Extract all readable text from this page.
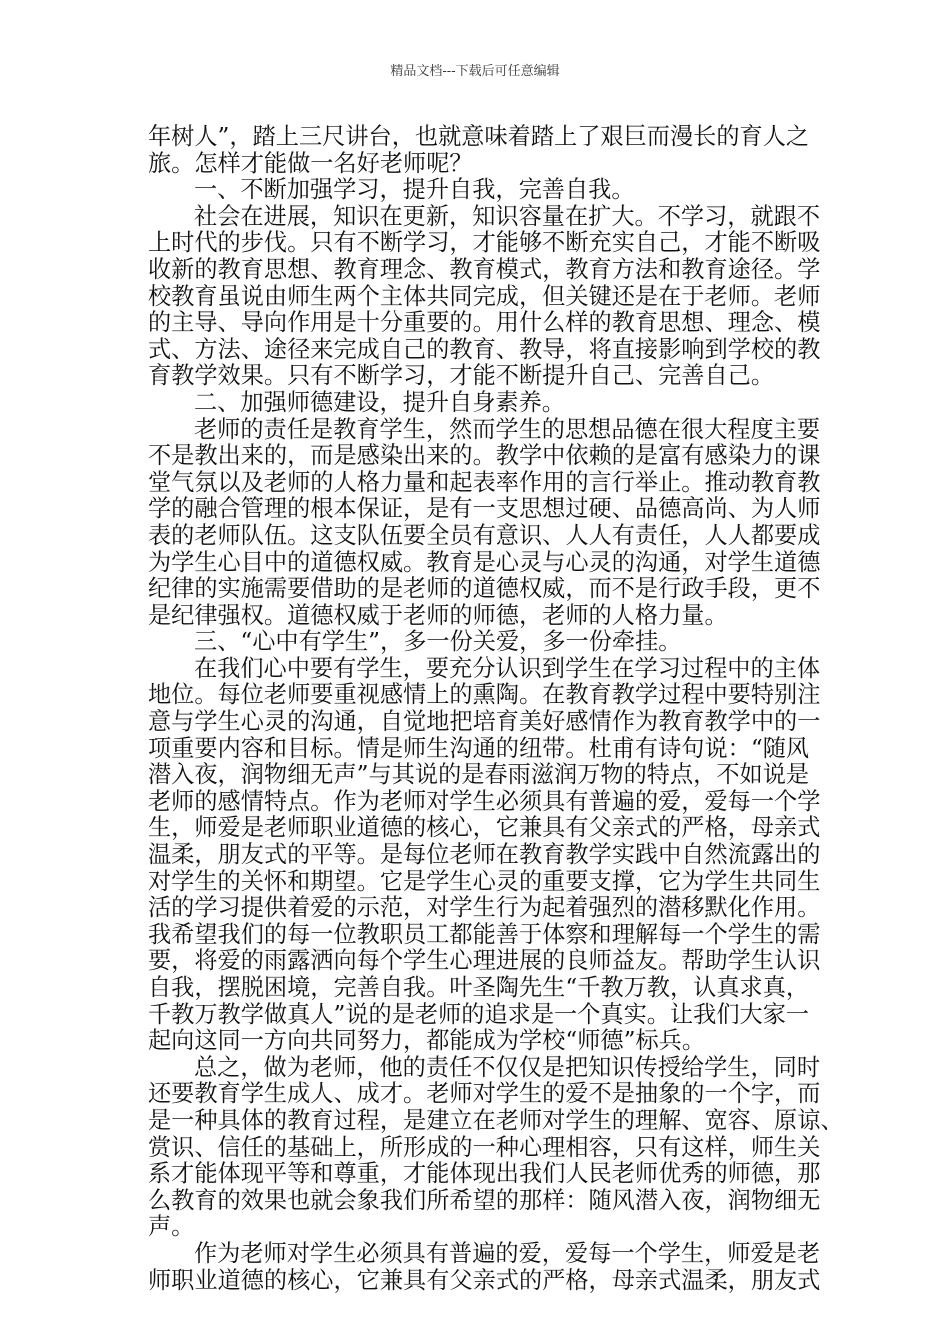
精品文档---下载后可任意编辑
年树人”，踏上三尺讲台，也就意味着踏上了艰巨而漫长的育人之
旅。怎样才能做一名好老师呢？
一、不断加强学习，提升自我，完善自我。
社会在进展，知识在更新，知识容量在扩大。不学习，就跟不
上时代的步伐。只有不断学习，才能够不断充实自己，才能不断吸
收新的教育思想、教育理念、教育模式，教育方法和教育途径。学
校教育虽说由师生两个主体共同完成，但关键还是在于老师。老师
的主导、导向作用是十分重要的。用什么样的教育思想、理念、模
式、方法、途径来完成自己的教育、教导，将直接影响到学校的教
育教学效果。只有不断学习，才能不断提升自己、完善自己。
二、加强师德建设，提升自身素养。
老师的责任是教育学生，然而学生的思想品德在很大程度主要
不是教出来的，而是感染出来的。教学中依赖的是富有感染力的课
堂气氛以及老师的人格力量和起表率作用的言行举止。推动教育教
学的融合管理的根本保证，是有一支思想过硬、品德高尚、为人师
表的老师队伍。这支队伍要全员有意识、人人有责任，人人都要成
为学生心目中的道德权威。教育是心灵与心灵的沟通，对学生道德
纪律的实施需要借助的是老师的道德权威，而不是行政手段，更不
是纪律强权。道德权威于老师的师德，老师的人格力量。
三、“心中有学生”，多一份关爱，多一份牵挂。
在我们心中要有学生，要充分认识到学生在学习过程中的主体
地位。每位老师要重视感情上的熏陶。在教育教学过程中要特别注
意与学生心灵的沟通，自觉地把培育美好感情作为教育教学中的一
项重要内容和目标。情是师生沟通的纽带。杜甫有诗句说：“随风
潜入夜，润物细无声”与其说的是春雨滋润万物的特点，不如说是
老师的感情特点。作为老师对学生必须具有普遍的爱，爱每一个学
生，师爱是老师职业道德的核心，它兼具有父亲式的严格，母亲式
温柔，朋友式的平等。是每位老师在教育教学实践中自然流露出的
对学生的关怀和期望。它是学生心灵的重要支撑，它为学生共同生
活的学习提供着爱的示范，对学生行为起着强烈的潜移默化作用。
我希望我们的每一位教职员工都能善于体察和理解每一个学生的需
要，将爱的雨露洒向每个学生心理进展的良师益友。帮助学生认识
自我，摆脱困境，完善自我。叶圣陶先生“千教万教，认真求真，
千教万教学做真人”说的是老师的追求是一个真实。让我们大家一
起向这同一方向共同努力，都能成为学校“师德”标兵。
总之，做为老师，他的责任不仅仅是把知识传授给学生，同时
还要教育学生成人、成才。老师对学生的爱不是抽象的一个字，而
是一种具体的教育过程，是建立在老师对学生的理解、宽容、原谅、
赏识、信任的基础上，所形成的一种心理相容，只有这样，师生关
系才能体现平等和尊重，才能体现出我们人民老师优秀的师德，那
么教育的效果也就会象我们所希望的那样：随风潜入夜，润物细无
声。
作为老师对学生必须具有普遍的爱，爱每一个学生，师爱是老
师职业道德的核心，它兼具有父亲式的严格，母亲式温柔，朋友式
